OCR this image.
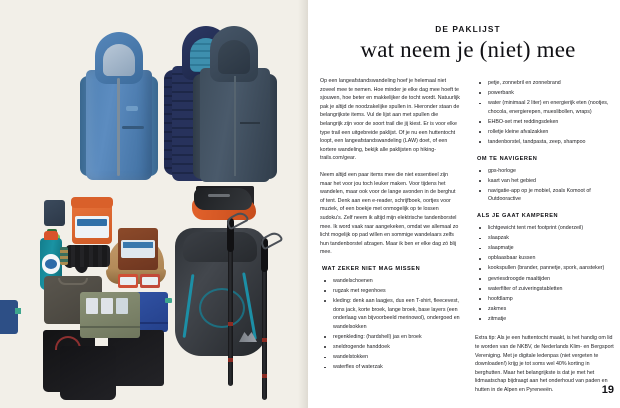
DE PAKLIJST
wat neem je (niet) mee

Op een langeafstandswandeling hoef je helemaal niet zoveel mee te nemen. Hoe minder je elke dag mee hoeft te sjouwen, hoe beter en makkelijker de tocht wordt. Natuurlijk pak je altijd de noodzakelijke spullen in. Hieronder staan de belangrijkste items. Vul de lijst aan met spullen die belangrijk zijn voor de soort trail die jij kiest. Er is voor elke type trail een uitgebreide paklijst. Of je nu een huttentocht loopt, een langeafstandswandeling (LAW) doet, of een kortere wandeling, bekijk alle paklijsten op hiking-trails.com/gear.

Neem altijd een paar items mee die niet essentieel zijn maar het voor jou toch leuker maken. Voor tijdens het wandelen, maar ook voor de lange avonden in de berghut of tent. Denk aan een e-reader, schrijfboek, oortjes voor muziek, of een boekje met onmogelijk op te lossen sudoku's. Zelf neem ik altijd mijn elektrische tandenborstel mee. Ik word vaak raar aangekeken, omdat we allemaal zo licht mogelijk op pad willen en sommige wandelaars zelfs hun tandenborstel afzagen. Maar ik ben er elke dag zó blij mee.

WAT ZEKER NIET MAG MISSEN
wandelschoenen
rugzak met regenhoes
kleding: denk aan laagjes, dus een T-shirt, fleecevest, dons jack, korte broek, lange broek, base layers (een onderlaag van bijvoorbeeld merinowol), ondergoed en wandelsokken
regenkleding: (hardshell) jas en broek
sneldrogende handdoek
wandelstokken
waterfles of waterzak
petje, zonnebril en zonnebrand
powerbank
water (minimaal 2 liter) en energierijk eten (nootjes, chocola, energierepen, mueslibollen, wraps)
EHBO-set met reddingsdeken
rolletje kleine afvalzakken
tandenborstel, tandpasta, zeep, shampoo
OM TE NAVIGEREN
gps-horloge
kaart van het gebied
navigatie-app op je mobiel, zoals Komoot of Outdooractive
ALS JE GAAT KAMPEREN
lichtgewicht tent met footprint (onderzeil)
slaapzak
slaapmatje
opblaasbaar kussen
kookspullen (brander, pannetje, spork, aansteker)
gevriesdroogde maaltijden
waterfilter of zuiveringstabletten
hoofdlamp
zakmes
zitmatje

Extra tip: Als je een huttentocht maakt, is het handig om lid te worden van de NKBV, de Nederlands Klim- en Bergsport Vereniging. Met je digitale ledenpas (niet vergeten te downloaden!) krijg je tot soms wel 40% korting in berghutten. Maar het belangrijkste is dat je met het lidmaatschap bijdraagt aan het onderhoud van paden en hutten in de Alpen en Pyreneeën.	19
